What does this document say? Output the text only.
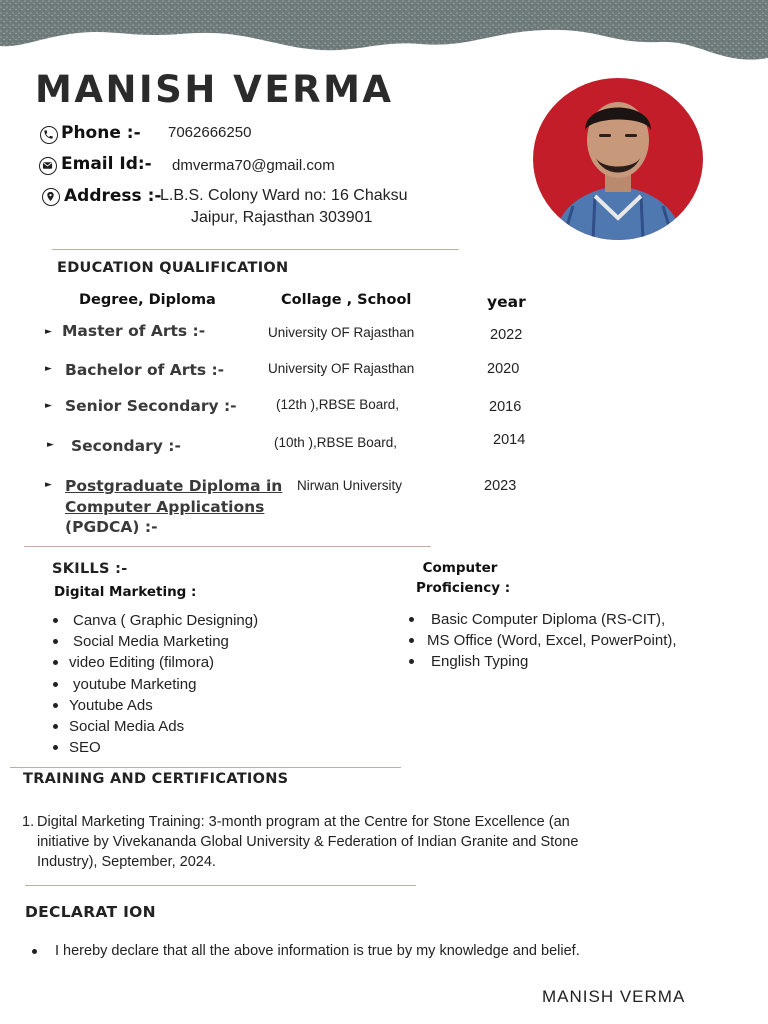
MANISH VERMA
Phone :- 7062666250
Email Id:- dmverma70@gmail.com
Address :-
L.B.S. Colony Ward no: 16 Chaksu
Jaipur, Rajasthan 303901
EDUCATION QUALIFICATION
Degree, Diploma	Collage , School	year
► Master of Arts :-	University OF Rajasthan	2022
► Bachelor of Arts :-	University OF Rajasthan	2020
► Senior Secondary :-	(12th ),RBSE Board,	2016
► Secondary :-	(10th ),RBSE Board,	2014
► Postgraduate Diploma in
Computer Applications
(PGDCA) :-
Nirwan University	2023
SKILLS :-
Digital Marketing :
Canva ( Graphic Designing)
Social Media Marketing
video Editing (filmora)
youtube Marketing
Youtube Ads
Social Media Ads
SEO
Computer
Proficiency :
Basic Computer Diploma (RS-CIT),
MS Office (Word, Excel, PowerPoint),
English Typing
TRAINING AND CERTIFICATIONS
1. Digital Marketing Training: 3-month program at the Centre for Stone Excellence (an
initiative by Vivekananda Global University & Federation of Indian Granite and Stone
Industry), September, 2024.
DECLARAT ION
I hereby declare that all the above information is true by my knowledge and belief.
MANISH VERMA
